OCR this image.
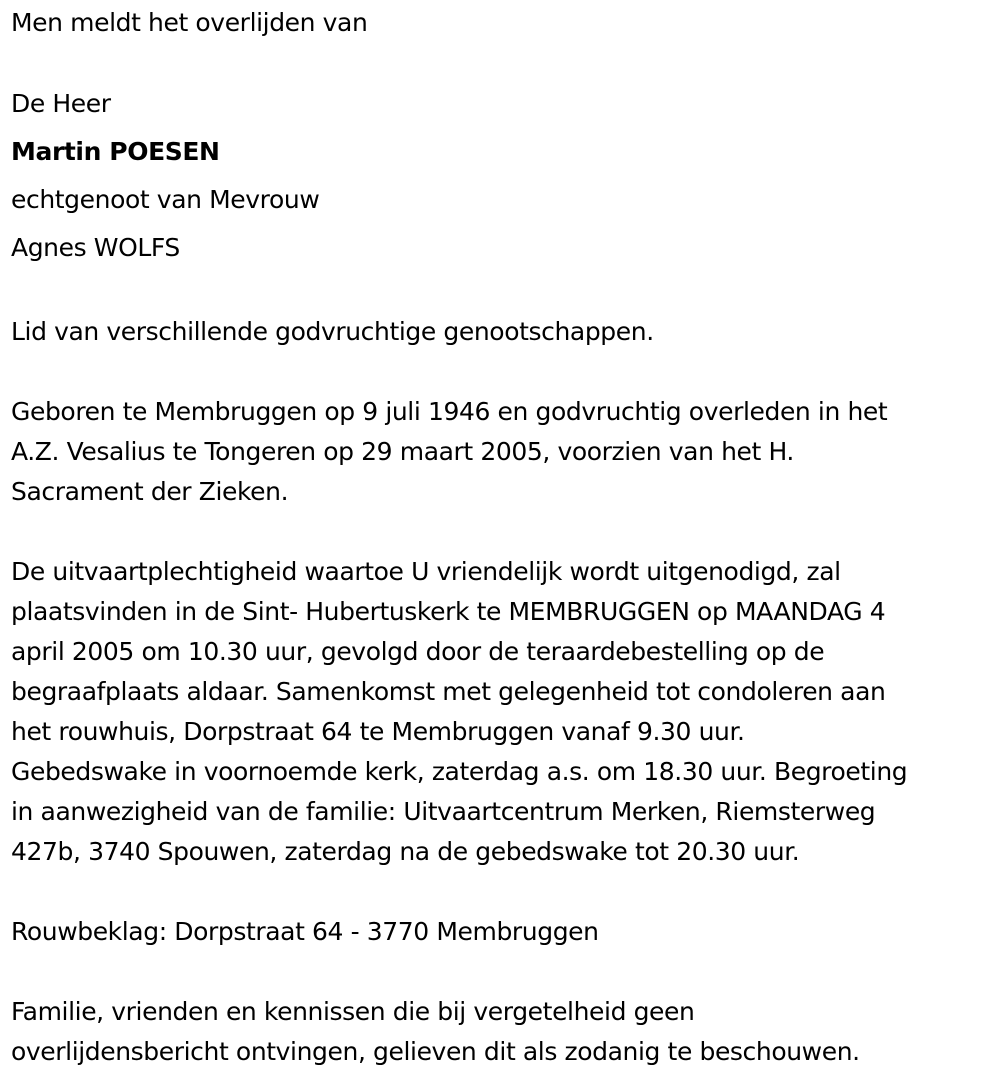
Men meldt het overlijden van

De Heer

Martin POESEN

echtgenoot van Mevrouw

Agnes WOLFS

Lid van verschillende godvruchtige genootschappen.

Geboren te Membruggen op 9 juli 1946 en godvruchtig overleden in het

A.Z. Vesalius te Tongeren op 29 maart 2005, voorzien van het H.

Sacrament der Zieken.

De uitvaartplechtigheid waartoe U vriendelijk wordt uitgenodigd, zal

plaatsvinden in de Sint- Hubertuskerk te MEMBRUGGEN op MAANDAG 4

april 2005 om 10.30 uur, gevolgd door de teraardebestelling op de

begraafplaats aldaar. Samenkomst met gelegenheid tot condoleren aan

het rouwhuis, Dorpstraat 64 te Membruggen vanaf 9.30 uur.

Gebedswake in voornoemde kerk, zaterdag a.s. om 18.30 uur. Begroeting

in aanwezigheid van de familie: Uitvaartcentrum Merken, Riemsterweg

427b, 3740 Spouwen, zaterdag na de gebedswake tot 20.30 uur.

Rouwbeklag: Dorpstraat 64 - 3770 Membruggen

Familie, vrienden en kennissen die bij vergetelheid geen

overlijdensbericht ontvingen, gelieven dit als zodanig te beschouwen.
